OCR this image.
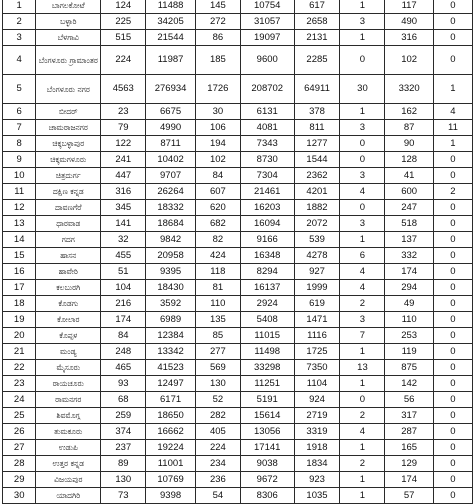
1	ಬಾಗಲಕೋಟೆ	124	11488	145	10754	617	1	117	0
2	ಬಳ್ಳಾರಿ	225	34205	272	31057	2658	3	490	0
3	ಬೆಳಗಾವಿ	515	21544	86	19097	2131	1	316	0
4	ಬೆಂಗಳೂರು ಗ್ರಾಮಾಂತರ	224	11987	185	9600	2285	0	102	0
5	ಬೆಂಗಳೂರು ನಗರ	4563	276934	1726	208702	64911	30	3320	1
6	ಬೀದರ್	23	6675	30	6131	378	1	162	4
7	ಚಾಮರಾಜನಗರ	79	4990	106	4081	811	3	87	11
8	ಚಿಕ್ಕಬಳ್ಳಾಪುರ	122	8711	194	7343	1277	0	90	1
9	ಚಿಕ್ಕಮಗಳೂರು	241	10402	102	8730	1544	0	128	0
10	ಚಿತ್ರದುರ್ಗ	447	9707	84	7304	2362	3	41	0
11	ದಕ್ಷಿಣ ಕನ್ನಡ	316	26264	607	21461	4201	4	600	2
12	ದಾವಣಗೆರೆ	345	18332	620	16203	1882	0	247	0
13	ಧಾರವಾಡ	141	18684	682	16094	2072	3	518	0
14	ಗದಗ	32	9842	82	9166	539	1	137	0
15	ಹಾಸನ	455	20958	424	16348	4278	6	332	0
16	ಹಾವೇರಿ	51	9395	118	8294	927	4	174	0
17	ಕಲಬುರಗಿ	104	18430	81	16137	1999	4	294	0
18	ಕೊಡಗು	216	3592	110	2924	619	2	49	0
19	ಕೋಲಾರ	174	6989	135	5408	1471	3	110	0
20	ಕೊಪ್ಪಳ	84	12384	85	11015	1116	7	253	0
21	ಮಂಡ್ಯ	248	13342	277	11498	1725	1	119	0
22	ಮೈಸೂರು	465	41523	569	33298	7350	13	875	0
23	ರಾಯಚೂರು	93	12497	130	11251	1104	1	142	0
24	ರಾಮನಗರ	68	6171	52	5191	924	0	56	0
25	ಶಿವಮೊಗ್ಗ	259	18650	282	15614	2719	2	317	0
26	ತುಮಕೂರು	374	16662	405	13056	3319	4	287	0
27	ಉಡುಪಿ	237	19224	224	17141	1918	1	165	0
28	ಉತ್ತರ ಕನ್ನಡ	89	11001	234	9038	1834	2	129	0
29	ವಿಜಯಪುರ	130	10769	236	9672	923	1	174	0
30	ಯಾದಗಿರಿ	73	9398	54	8306	1035	1	57	0
